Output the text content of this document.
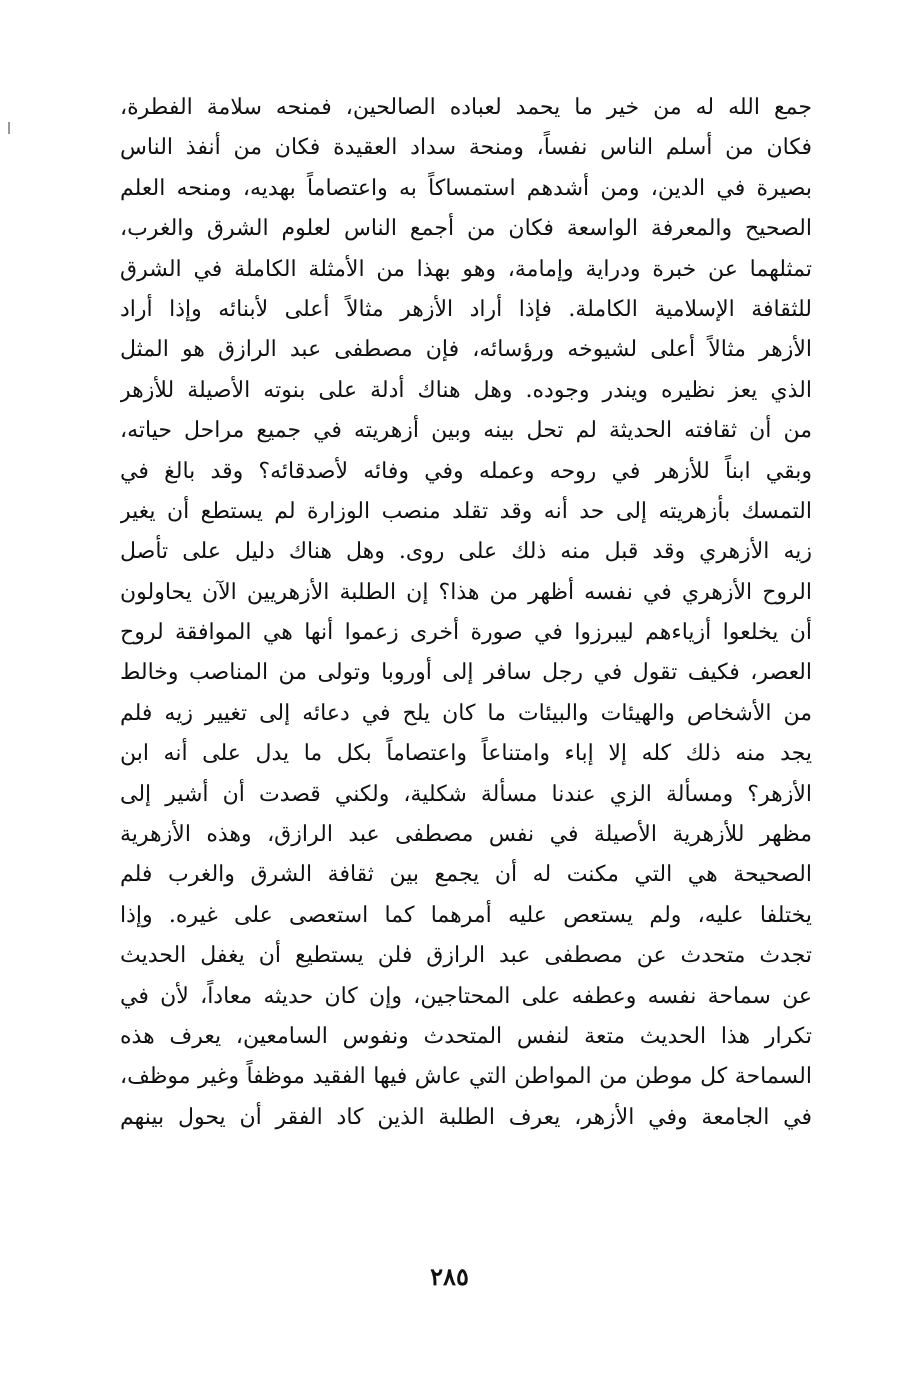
جمع الله له من خير ما يحمد لعباده الصالحين، فمنحه سلامة الفطرة،
فكان من أسلم الناس نفساً، ومنحة سداد العقيدة فكان من أنفذ الناس
بصيرة في الدين، ومن أشدهم استمساكاً به واعتصاماً بهديه، ومنحه العلم
الصحيح والمعرفة الواسعة فكان من أجمع الناس لعلوم الشرق والغرب،
تمثلهما عن خبرة ودراية وإمامة، وهو بهذا من الأمثلة الكاملة في الشرق
للثقافة الإسلامية الكاملة. فإذا أراد الأزهر مثالاً أعلى لأبنائه وإذا أراد
الأزهر مثالاً أعلى لشيوخه ورؤسائه، فإن مصطفى عبد الرازق هو المثل
الذي يعز نظيره ويندر وجوده. وهل هناك أدلة على بنوته الأصيلة للأزهر
من أن ثقافته الحديثة لم تحل بينه وبين أزهريته في جميع مراحل حياته،
وبقي ابناً للأزهر في روحه وعمله وفي وفائه لأصدقائه؟ وقد بالغ في
التمسك بأزهريته إلى حد أنه وقد تقلد منصب الوزارة لم يستطع أن يغير
زيه الأزهري وقد قبل منه ذلك على روى. وهل هناك دليل على تأصل
الروح الأزهري في نفسه أظهر من هذا؟ إن الطلبة الأزهريين الآن يحاولون
أن يخلعوا أزياءهم ليبرزوا في صورة أخرى زعموا أنها هي الموافقة لروح
العصر، فكيف تقول في رجل سافر إلى أوروبا وتولى من المناصب وخالط
من الأشخاص والهيئات والبيئات ما كان يلح في دعائه إلى تغيير زيه فلم
يجد منه ذلك كله إلا إباء وامتناعاً واعتصاماً بكل ما يدل على أنه ابن
الأزهر؟ ومسألة الزي عندنا مسألة شكلية، ولكني قصدت أن أشير إلى
مظهر للأزهرية الأصيلة في نفس مصطفى عبد الرازق، وهذه الأزهرية
الصحيحة هي التي مكنت له أن يجمع بين ثقافة الشرق والغرب فلم
يختلفا عليه، ولم يستعص عليه أمرهما كما استعصى على غيره. وإذا
تجدث متحدث عن مصطفى عبد الرازق فلن يستطيع أن يغفل الحديث
عن سماحة نفسه وعطفه على المحتاجين، وإن كان حديثه معاداً، لأن في
تكرار هذا الحديث متعة لنفس المتحدث ونفوس السامعين، يعرف هذه
السماحة كل موطن من المواطن التي عاش فيها الفقيد موظفاً وغير موظف،
في الجامعة وفي الأزهر، يعرف الطلبة الذين كاد الفقر أن يحول بينهم
٢٨٥
